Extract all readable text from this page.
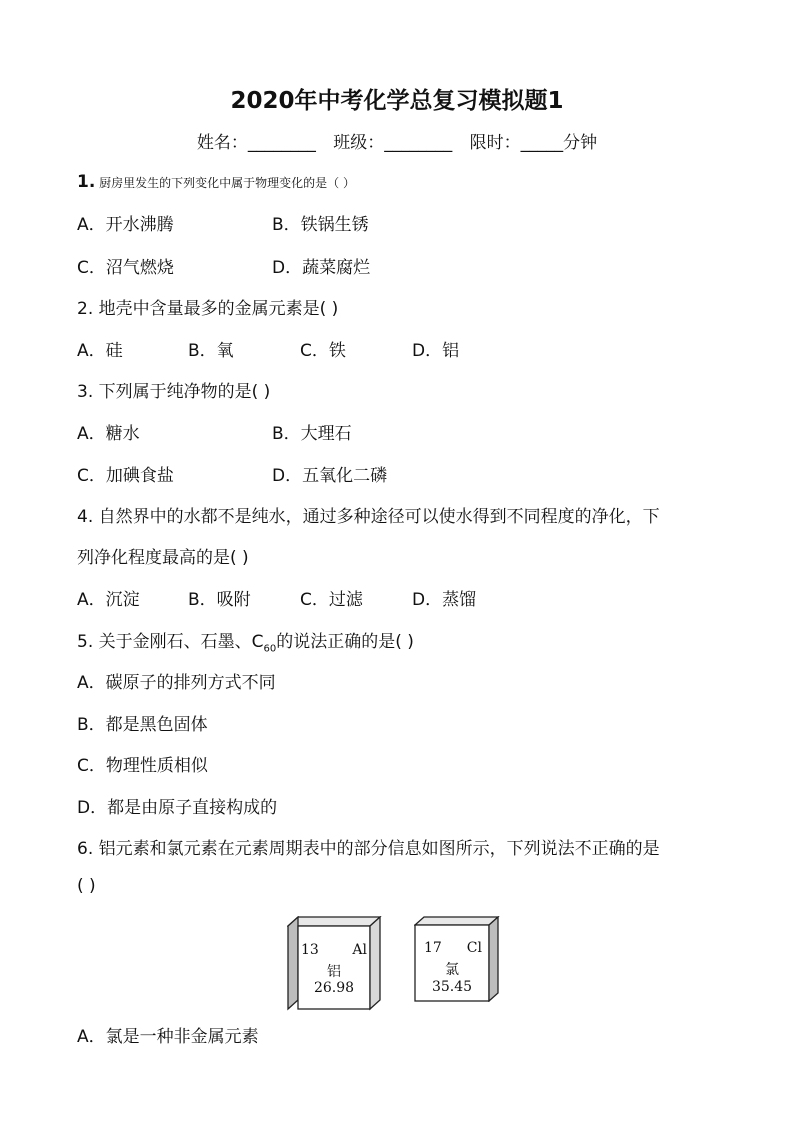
2020年中考化学总复习模拟题1
姓名：________ 班级：________ 限时：_____分钟
1. 厨房里发生的下列变化中属于物理变化的是（ ）
A．开水沸腾	B．铁锅生锈
C．沼气燃烧	D．蔬菜腐烂
2. 地壳中含量最多的金属元素是( )
A．硅	B．氧	C．铁	D．铝
3. 下列属于纯净物的是( )
A．糖水	B．大理石
C．加碘食盐	D．五氧化二磷
4. 自然界中的水都不是纯水，通过多种途径可以使水得到不同程度的净化，下
列净化程度最高的是( )
A．沉淀	B．吸附	C．过滤	D．蒸馏
5. 关于金刚石、石墨、$C_{60}$的说法正确的是( )
A．碳原子的排列方式不同
B．都是黑色固体
C．物理性质相似
D．都是由原子直接构成的
6. 铝元素和氯元素在元素周期表中的部分信息如图所示，下列说法不正确的是
( )
13 Al
铝
26.98
17 Cl
氯
35.45
A．氯是一种非金属元素
